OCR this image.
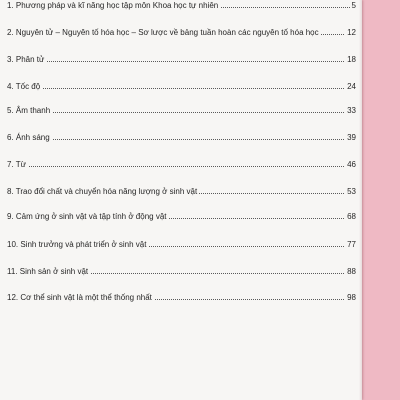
1. Phương pháp và kĩ năng học tập môn Khoa học tự nhiên	5
2. Nguyên tử – Nguyên tố hóa học – Sơ lược về bảng tuần hoàn các nguyên tố hóa học	12
3. Phân tử	18
4. Tốc độ	24
5. Âm thanh	33
6. Ánh sáng	39
7. Từ	46
8. Trao đổi chất và chuyển hóa năng lượng ở sinh vật	53
9. Cảm ứng ở sinh vật và tập tính ở động vật	68
10. Sinh trưởng và phát triển ở sinh vật	77
11. Sinh sản ở sinh vật	88
12. Cơ thể sinh vật là một thể thống nhất	98
